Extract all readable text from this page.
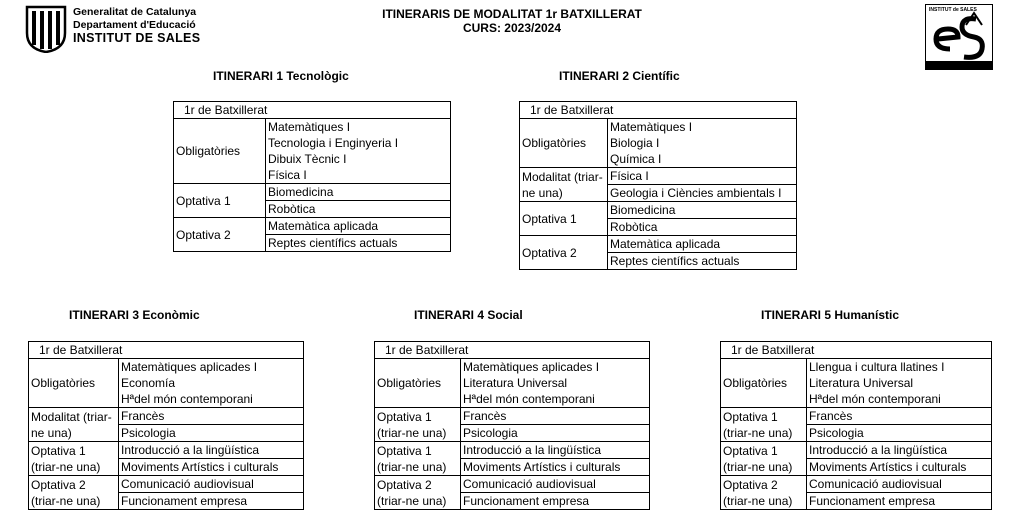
Generalitat de Catalunya
Departament d'Educació
INSTITUT DE SALES
ITINERARIS DE MODALITAT 1r BATXILLERAT
CURS: 2023/2024
INSTITUT de SALES
ITINERARI 1 Tecnològic
1r de Batxillerat	
Obligatòries	Matemàtiques I
	Tecnologia i Enginyeria I
	Dibuix Tècnic I
	Física I
Optativa 1	Biomedicina
	Robòtica
Optativa 2	Matemàtica aplicada
	Reptes científics actuals
ITINERARI 2 Científic
1r de Batxillerat	
Obligatòries	Matemàtiques I
	Biologia I
	Química I
Modalitat (triar-ne una)	Física I
	Geologia i Ciències ambientals I
Optativa 1	Biomedicina
	Robòtica
Optativa 2	Matemàtica aplicada
	Reptes científics actuals
ITINERARI 3 Econòmic
1r de Batxillerat	
Obligatòries	Matemàtiques aplicades I
	Economía
	Hªdel món contemporani
Modalitat (triar-ne una)	Francès
	Psicologia
Optativa 1 (triar-ne una)	Introducció a la lingüística
	Moviments Artístics i culturals
Optativa 2 (triar-ne una)	Comunicació audiovisual
	Funcionament empresa
ITINERARI 4 Social
1r de Batxillerat	
Obligatòries	Matemàtiques aplicades I
	Literatura Universal
	Hªdel món contemporani
Optativa 1 (triar-ne una)	Francès
	Psicologia
Optativa 1 (triar-ne una)	Introducció a la lingüística
	Moviments Artístics i culturals
Optativa 2 (triar-ne una)	Comunicació audiovisual
	Funcionament empresa
ITINERARI 5 Humanístic
1r de Batxillerat	
Obligatòries	Llengua i cultura llatines I
	Literatura Universal
	Hªdel món contemporani
Optativa 1 (triar-ne una)	Francès
	Psicologia
Optativa 1 (triar-ne una)	Introducció a la lingüística
	Moviments Artístics i culturals
Optativa 2 (triar-ne una)	Comunicació audiovisual
	Funcionament empresa
